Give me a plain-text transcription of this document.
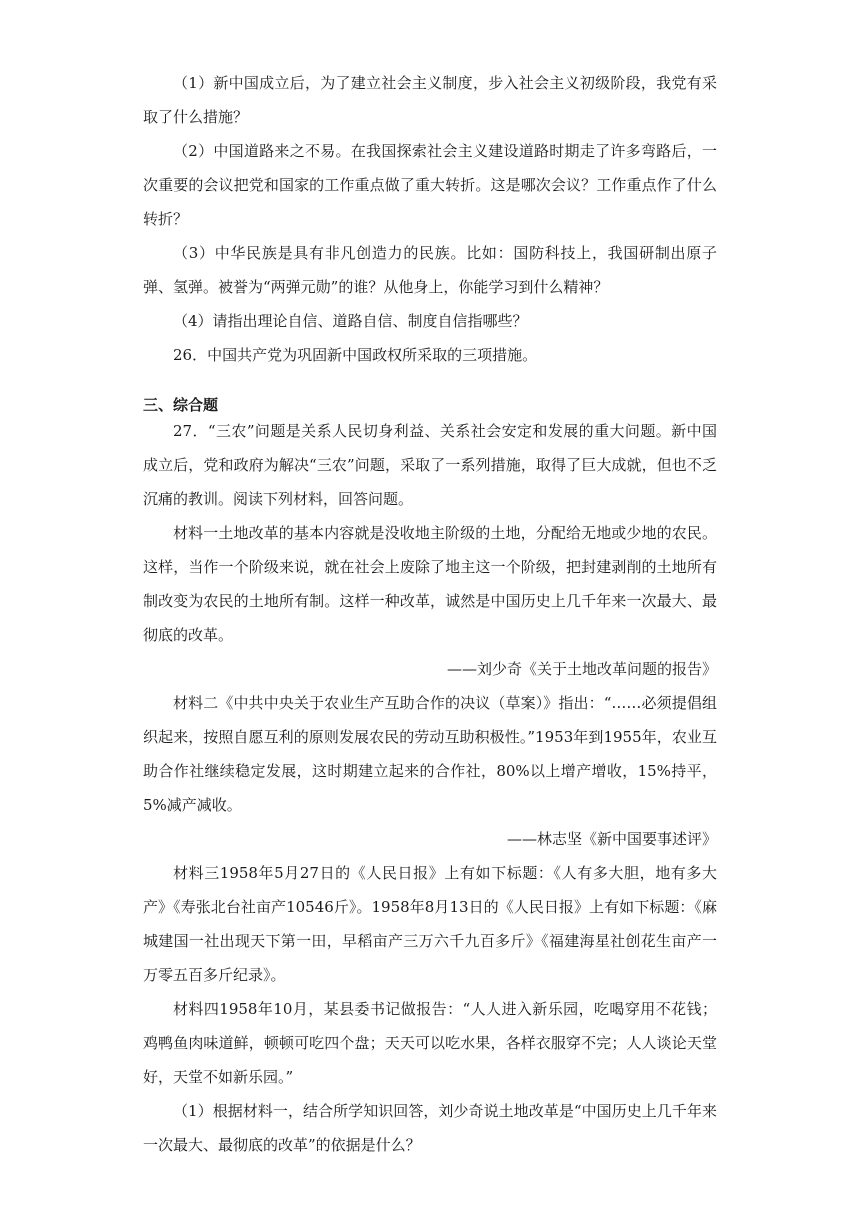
（1）新中国成立后，为了建立社会主义制度，步入社会主义初级阶段，我党有采取了什么措施？

（2）中国道路来之不易。在我国探索社会主义建设道路时期走了许多弯路后，一次重要的会议把党和国家的工作重点做了重大转折。这是哪次会议？工作重点作了什么转折？

（3）中华民族是具有非凡创造力的民族。比如：国防科技上，我国研制出原子弹、氢弹。被誉为“两弹元勋”的谁？从他身上，你能学习到什么精神？

（4）请指出理论自信、道路自信、制度自信指哪些？

26．中国共产党为巩固新中国政权所采取的三项措施。

三、综合题

27．“三农”问题是关系人民切身利益、关系社会安定和发展的重大问题。新中国成立后，党和政府为解决“三农”问题，采取了一系列措施，取得了巨大成就，但也不乏沉痛的教训。阅读下列材料，回答问题。

材料一土地改革的基本内容就是没收地主阶级的土地，分配给无地或少地的农民。这样，当作一个阶级来说，就在社会上废除了地主这一个阶级，把封建剥削的土地所有制改变为农民的土地所有制。这样一种改革，诚然是中国历史上几千年来一次最大、最彻底的改革。

——刘少奇《关于土地改革问题的报告》

材料二《中共中央关于农业生产互助合作的决议（草案）》指出：“……必须提倡组织起来，按照自愿互利的原则发展农民的劳动互助积极性。”1953年到1955年，农业互助合作社继续稳定发展，这时期建立起来的合作社，80%以上增产增收，15%持平，5%减产减收。

——林志坚《新中国要事述评》

材料三1958年5月27日的《人民日报》上有如下标题：《人有多大胆，地有多大产》《寿张北台社亩产10546斤》。1958年8月13日的《人民日报》上有如下标题：《麻城建国一社出现天下第一田，早稻亩产三万六千九百多斤》《福建海星社创花生亩产一万零五百多斤纪录》。

材料四1958年10月，某县委书记做报告：“人人进入新乐园，吃喝穿用不花钱；鸡鸭鱼肉味道鲜，顿顿可吃四个盘；天天可以吃水果，各样衣服穿不完；人人谈论天堂好，天堂不如新乐园。”

（1）根据材料一，结合所学知识回答，刘少奇说土地改革是“中国历史上几千年来一次最大、最彻底的改革”的依据是什么？
